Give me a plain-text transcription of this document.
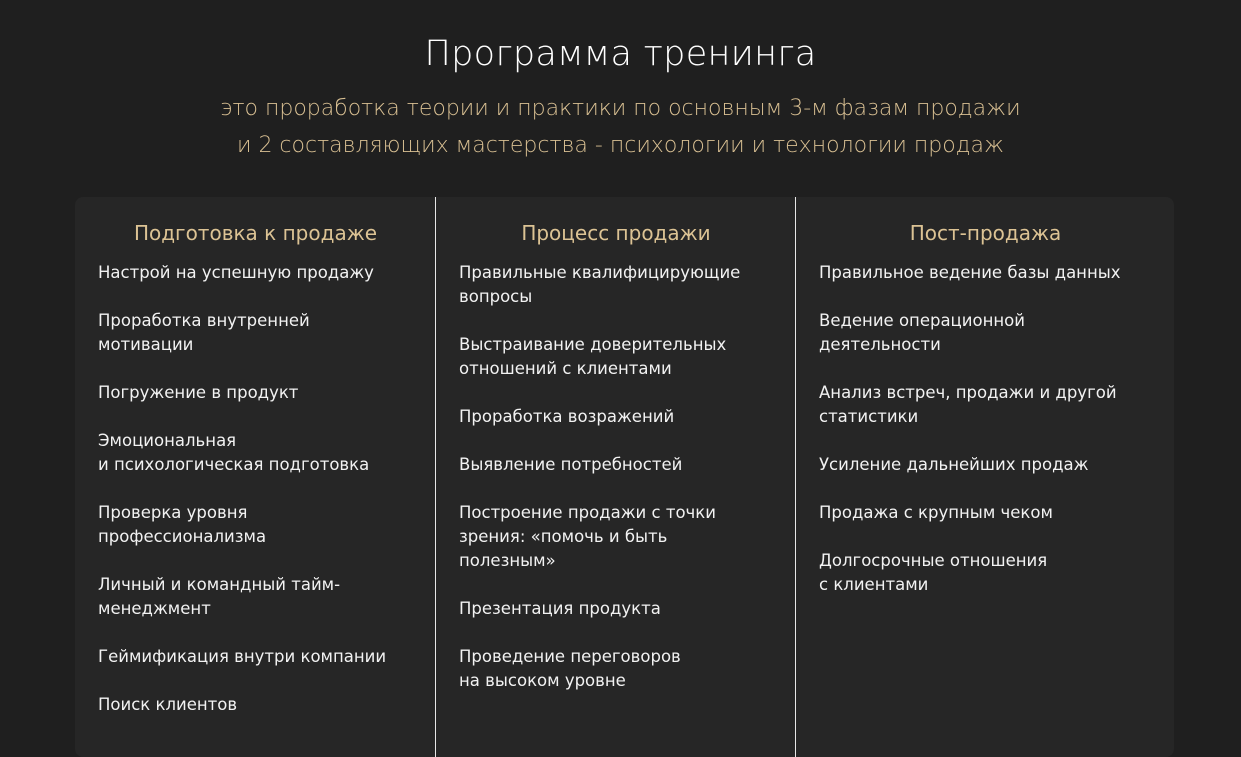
Программа тренинга
это проработка теории и практики по основным 3-м фазам продажи
и 2 составляющих мастерства - психологии и технологии продаж
Подготовка к продаже
Настрой на успешную продажу
Проработка внутренней
мотивации
Погружение в продукт
Эмоциональная
и психологическая подготовка
Проверка уровня
профессионализма
Личный и командный тайм-
менеджмент
Геймификация внутри компании
Поиск клиентов
Процесс продажи
Правильные квалифицирующие
вопросы
Выстраивание доверительных
отношений с клиентами
Проработка возражений
Выявление потребностей
Построение продажи с точки
зрения: «помочь и быть
полезным»
Презентация продукта
Проведение переговоров
на высоком уровне
Пост-продажа
Правильное ведение базы данных
Ведение операционной
деятельности
Анализ встреч, продажи и другой
статистики
Усиление дальнейших продаж
Продажа с крупным чеком
Долгосрочные отношения
с клиентами
